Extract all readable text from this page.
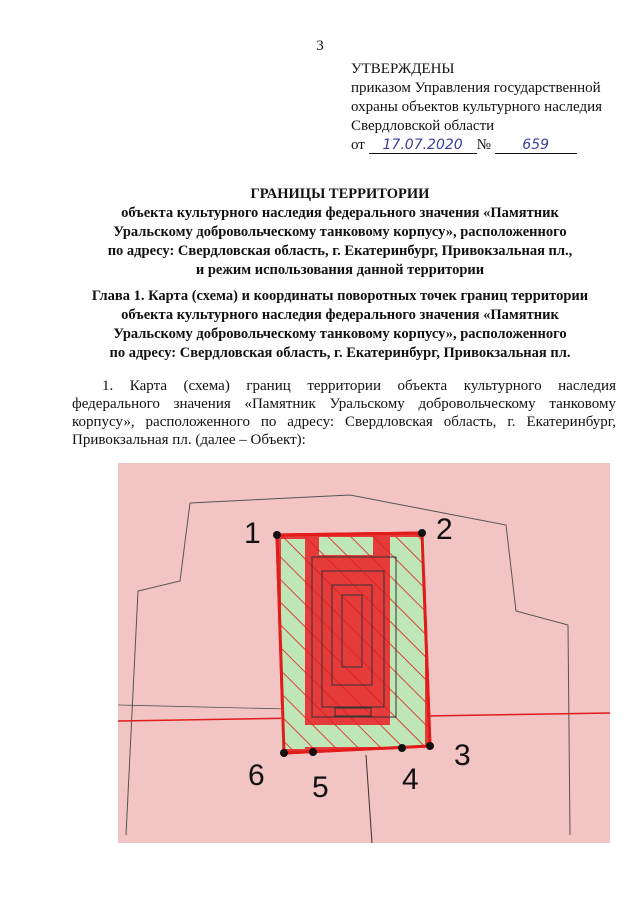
3
УТВЕРЖДЕНЫ
приказом Управления государственной
охраны объектов культурного наследия
Свердловской области
от 17.07.2020 № 659
ГРАНИЦЫ ТЕРРИТОРИИ
объекта культурного наследия федерального значения «Памятник
Уральскому добровольческому танковому корпусу», расположенного
по адресу: Свердловская область, г. Екатеринбург, Привокзальная пл.,
и режим использования данной территории
Глава 1. Карта (схема) и координаты поворотных точек границ территории
объекта культурного наследия федерального значения «Памятник
Уральскому добровольческому танковому корпусу», расположенного
по адресу: Свердловская область, г. Екатеринбург, Привокзальная пл.
1. Карта (схема) границ территории объекта культурного наследия федерального значения «Памятник Уральскому добровольческому танковому корпусу», расположенного по адресу: Свердловская область, г. Екатеринбург, Привокзальная пл. (далее – Объект):
1	2
3
4
5
6
